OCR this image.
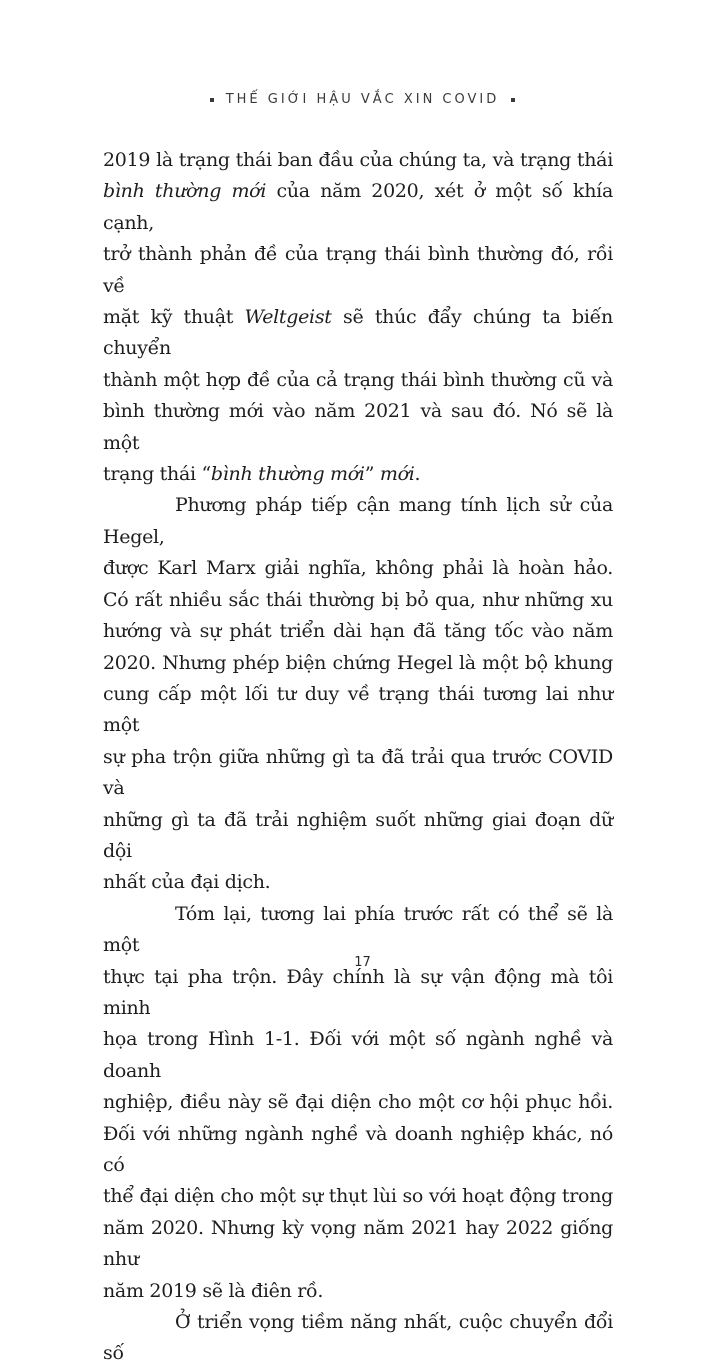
THẾ GIỚI HẬU VẮC XIN COVID
2019 là trạng thái ban đầu của chúng ta, và trạng thái
bình thường mới của năm 2020, xét ở một số khía cạnh,
trở thành phản đề của trạng thái bình thường đó, rồi về
mặt kỹ thuật Weltgeist sẽ thúc đẩy chúng ta biến chuyển
thành một hợp đề của cả trạng thái bình thường cũ và
bình thường mới vào năm 2021 và sau đó. Nó sẽ là một
trạng thái “bình thường mới” mới.
Phương pháp tiếp cận mang tính lịch sử của Hegel,
được Karl Marx giải nghĩa, không phải là hoàn hảo.
Có rất nhiều sắc thái thường bị bỏ qua, như những xu
hướng và sự phát triển dài hạn đã tăng tốc vào năm
2020. Nhưng phép biện chứng Hegel là một bộ khung
cung cấp một lối tư duy về trạng thái tương lai như một
sự pha trộn giữa những gì ta đã trải qua trước COVID và
những gì ta đã trải nghiệm suốt những giai đoạn dữ dội
nhất của đại dịch.
Tóm lại, tương lai phía trước rất có thể sẽ là một
thực tại pha trộn. Đây chính là sự vận động mà tôi minh
họa trong Hình 1-1. Đối với một số ngành nghề và doanh
nghiệp, điều này sẽ đại diện cho một cơ hội phục hồi.
Đối với những ngành nghề và doanh nghiệp khác, nó có
thể đại diện cho một sự thụt lùi so với hoạt động trong
năm 2020. Nhưng kỳ vọng năm 2021 hay 2022 giống như
năm 2019 sẽ là điên rồ.
Ở triển vọng tiềm năng nhất, cuộc chuyển đổi số
17
